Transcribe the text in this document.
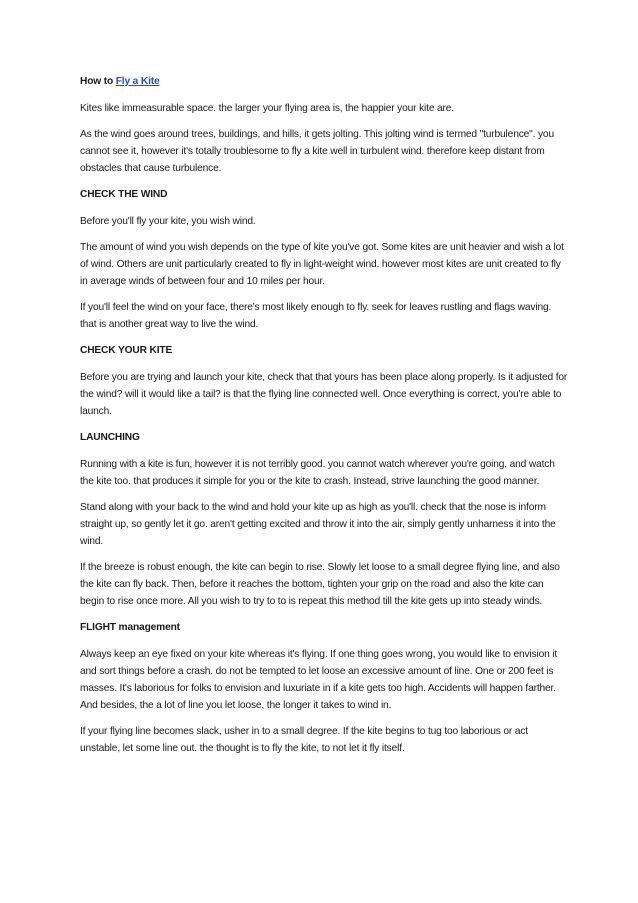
How to Fly a Kite

Kites like immeasurable space. the larger your flying area is, the happier your kite are.

As the wind goes around trees, buildings, and hills, it gets jolting. This jolting wind is termed "turbulence". you cannot see it, however it's totally troublesome to fly a kite well in turbulent wind. therefore keep distant from obstacles that cause turbulence.

CHECK THE WIND

Before you'll fly your kite, you wish wind.

The amount of wind you wish depends on the type of kite you've got. Some kites are unit heavier and wish a lot of wind. Others are unit particularly created to fly in light-weight wind. however most kites are unit created to fly in average winds of between four and 10 miles per hour.

If you'll feel the wind on your face, there's most likely enough to fly. seek for leaves rustling and flags waving. that is another great way to live the wind.

CHECK YOUR KITE

Before you are trying and launch your kite, check that that yours has been place along properly. Is it adjusted for the wind? will it would like a tail? is that the flying line connected well. Once everything is correct, you're able to launch.

LAUNCHING

Running with a kite is fun, however it is not terribly good. you cannot watch wherever you're going, and watch the kite too. that produces it simple for you or the kite to crash. Instead, strive launching the good manner.

Stand along with your back to the wind and hold your kite up as high as you'll. check that the nose is inform straight up, so gently let it go. aren't getting excited and throw it into the air, simply gently unharness it into the wind.

If the breeze is robust enough, the kite can begin to rise. Slowly let loose to a small degree flying line, and also the kite can fly back. Then, before it reaches the bottom, tighten your grip on the road and also the kite can begin to rise once more. All you wish to try to to is repeat this method till the kite gets up into steady winds.

FLIGHT management

Always keep an eye fixed on your kite whereas it's flying. If one thing goes wrong, you would like to envision it and sort things before a crash. do not be tempted to let loose an excessive amount of line. One or 200 feet is masses. It's laborious for folks to envision and luxuriate in if a kite gets too high. Accidents will happen farther. And besides, the a lot of line you let loose, the longer it takes to wind in.

If your flying line becomes slack, usher in to a small degree. If the kite begins to tug too laborious or act unstable, let some line out. the thought is to fly the kite, to not let it fly itself.
